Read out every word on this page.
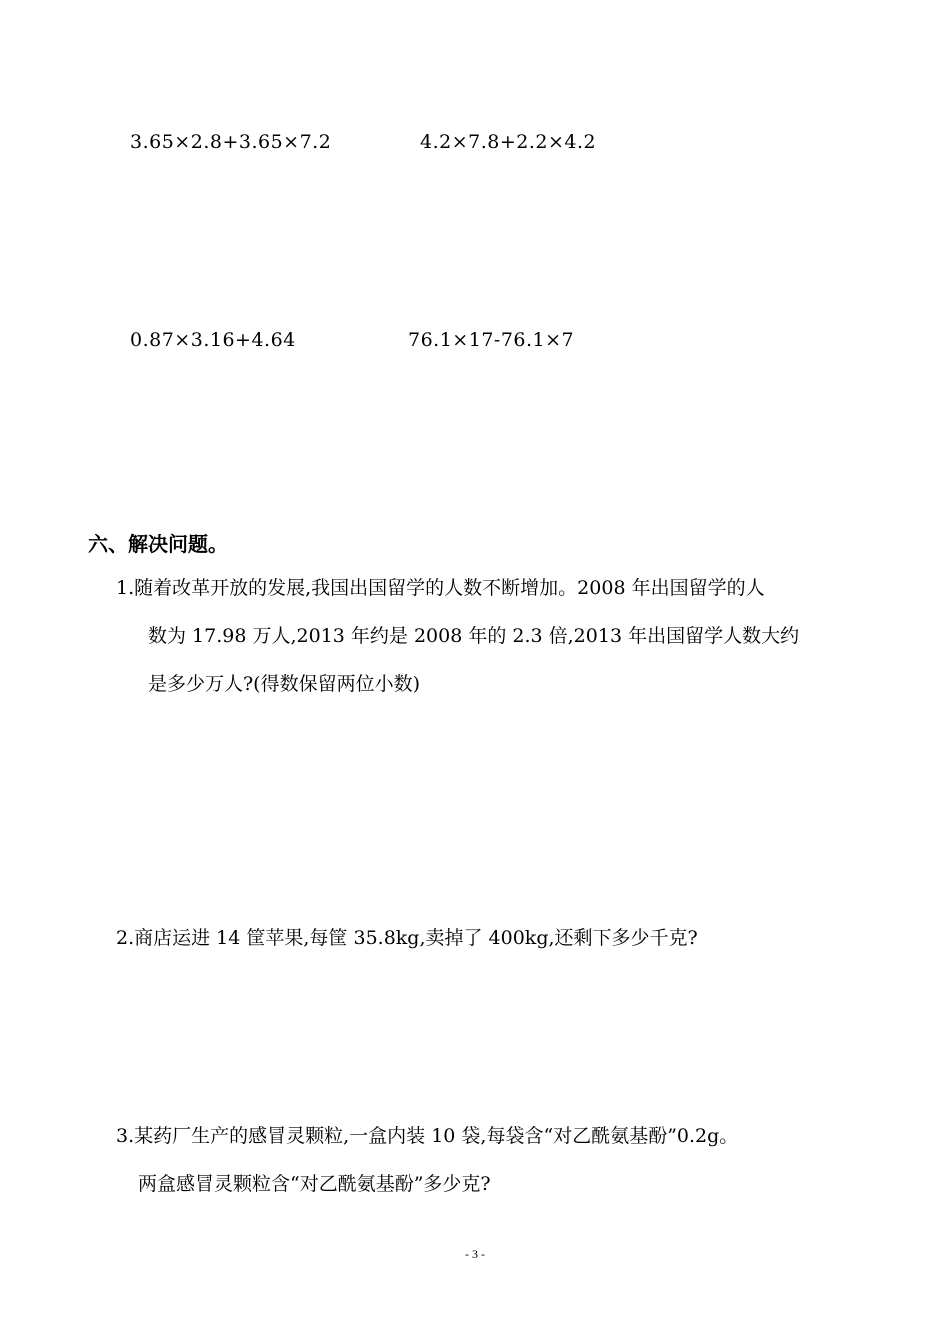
3.65×2.8+3.65×7.2	4.2×7.8+2.2×4.2
0.87×3.16+4.64	76.1×17-76.1×7
六、解决问题。
1.随着改革开放的发展,我国出国留学的人数不断增加。2008 年出国留学的人
数为 17.98 万人,2013 年约是 2008 年的 2.3 倍,2013 年出国留学人数大约
是多少万人?(得数保留两位小数)
2.商店运进 14 筐苹果,每筐 35.8kg,卖掉了 400kg,还剩下多少千克?
3.某药厂生产的感冒灵颗粒,一盒内装 10 袋,每袋含“对乙酰氨基酚”0.2g。
两盒感冒灵颗粒含“对乙酰氨基酚”多少克?
- 3 -
